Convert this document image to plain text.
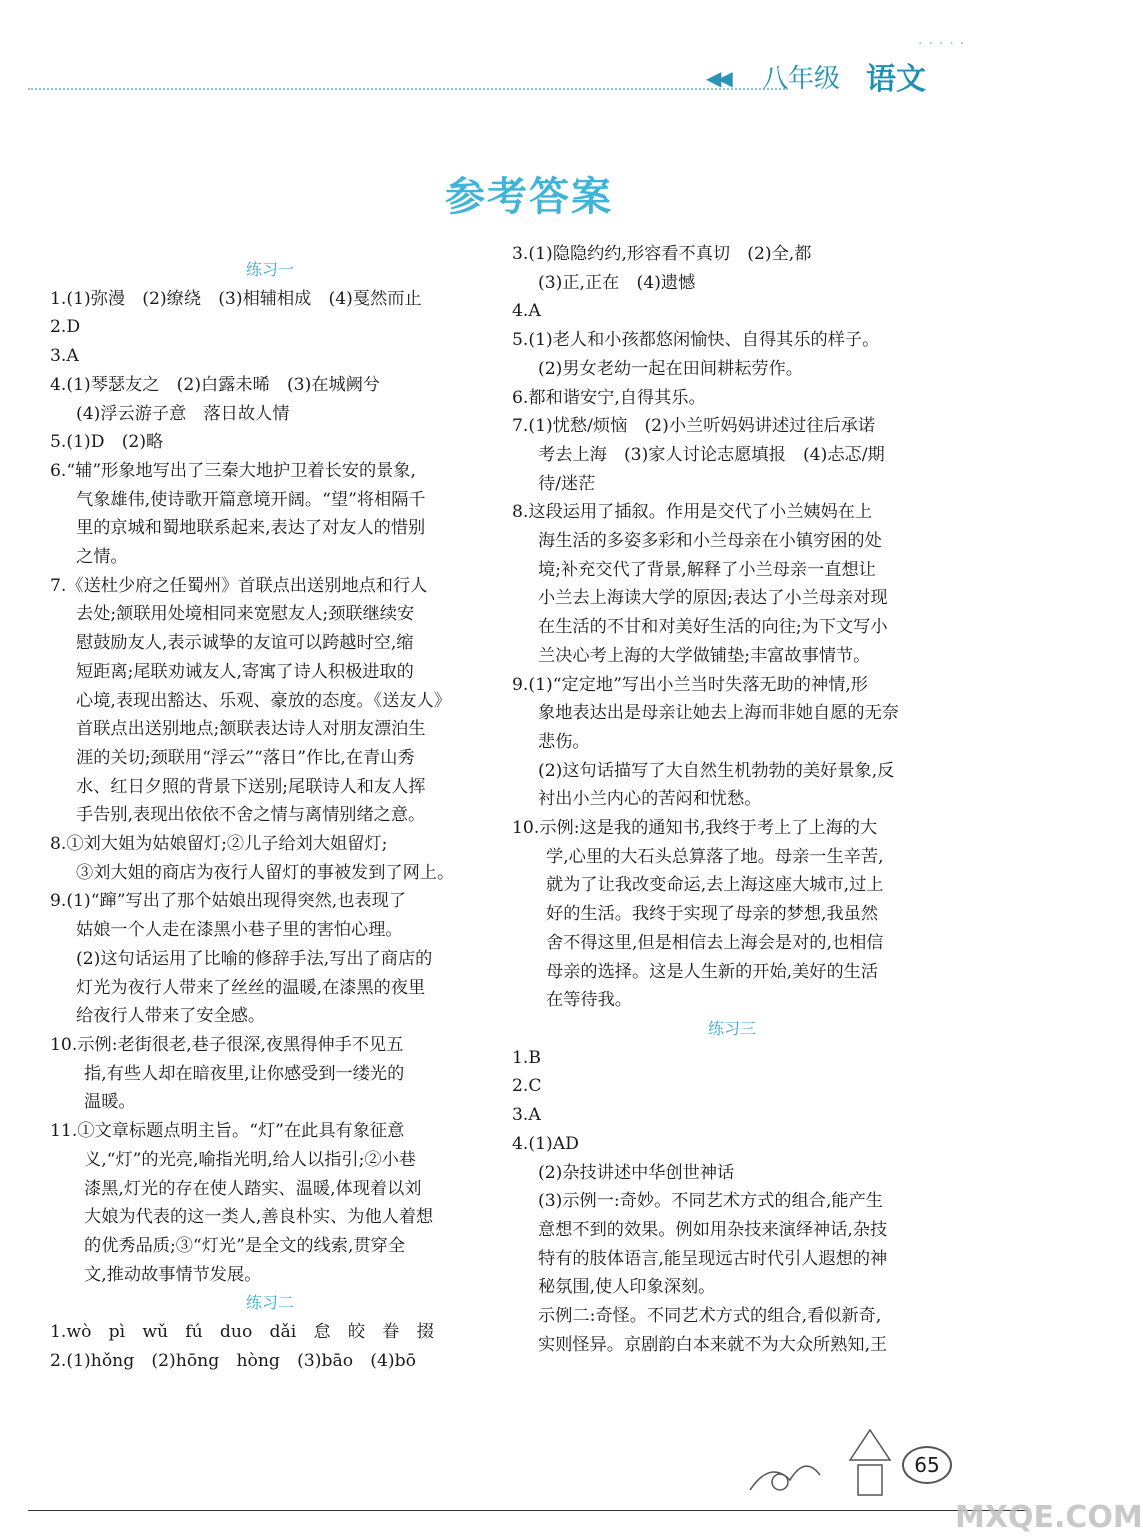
◀◀ 八年级 语文
·····
参考答案
练习一
1.(1)弥漫　(2)缭绕　(3)相辅相成　(4)戛然而止
2.D
3.A
4.(1)琴瑟友之　(2)白露未晞　(3)在城阙兮
(4)浮云游子意　落日故人情
5.(1)D　(2)略
6.“辅”形象地写出了三秦大地护卫着长安的景象,
气象雄伟,使诗歌开篇意境开阔。“望”将相隔千
里的京城和蜀地联系起来,表达了对友人的惜别
之情。
7.《送杜少府之任蜀州》首联点出送别地点和行人
去处;颔联用处境相同来宽慰友人;颈联继续安
慰鼓励友人,表示诚挚的友谊可以跨越时空,缩
短距离;尾联劝诫友人,寄寓了诗人积极进取的
心境,表现出豁达、乐观、豪放的态度。《送友人》
首联点出送别地点;颔联表达诗人对朋友漂泊生
涯的关切;颈联用“浮云”“落日”作比,在青山秀
水、红日夕照的背景下送别;尾联诗人和友人挥
手告别,表现出依依不舍之情与离情别绪之意。
8.①刘大姐为姑娘留灯;②儿子给刘大姐留灯;
③刘大姐的商店为夜行人留灯的事被发到了网上。
9.(1)“蹿”写出了那个姑娘出现得突然,也表现了
姑娘一个人走在漆黑小巷子里的害怕心理。
(2)这句话运用了比喻的修辞手法,写出了商店的
灯光为夜行人带来了丝丝的温暖,在漆黑的夜里
给夜行人带来了安全感。
10.示例:老街很老,巷子很深,夜黑得伸手不见五
指,有些人却在暗夜里,让你感受到一缕光的
温暖。
11.①文章标题点明主旨。“灯”在此具有象征意
义,“灯”的光亮,喻指光明,给人以指引;②小巷
漆黑,灯光的存在使人踏实、温暖,体现着以刘
大娘为代表的这一类人,善良朴实、为他人着想
的优秀品质;③“灯光”是全文的线索,贯穿全
文,推动故事情节发展。
练习二
1.wò　pì　wǔ　fú　duo　dǎi　怠　皎　眷　掇
2.(1)hǒng　(2)hōng　hòng　(3)bāo　(4)bō
3.(1)隐隐约约,形容看不真切　(2)全,都
(3)正,正在　(4)遗憾
4.A
5.(1)老人和小孩都悠闲愉快、自得其乐的样子。
(2)男女老幼一起在田间耕耘劳作。
6.都和谐安宁,自得其乐。
7.(1)忧愁/烦恼　(2)小兰听妈妈讲述过往后承诺
考去上海　(3)家人讨论志愿填报　(4)忐忑/期
待/迷茫
8.这段运用了插叙。作用是交代了小兰姨妈在上
海生活的多姿多彩和小兰母亲在小镇穷困的处
境;补充交代了背景,解释了小兰母亲一直想让
小兰去上海读大学的原因;表达了小兰母亲对现
在生活的不甘和对美好生活的向往;为下文写小
兰决心考上海的大学做铺垫;丰富故事情节。
9.(1)“定定地”写出小兰当时失落无助的神情,形
象地表达出是母亲让她去上海而非她自愿的无奈
悲伤。
(2)这句话描写了大自然生机勃勃的美好景象,反
衬出小兰内心的苦闷和忧愁。
10.示例:这是我的通知书,我终于考上了上海的大
学,心里的大石头总算落了地。母亲一生辛苦,
就为了让我改变命运,去上海这座大城市,过上
好的生活。我终于实现了母亲的梦想,我虽然
舍不得这里,但是相信去上海会是对的,也相信
母亲的选择。这是人生新的开始,美好的生活
在等待我。
练习三
1.B
2.C
3.A
4.(1)AD
(2)杂技讲述中华创世神话
(3)示例一:奇妙。不同艺术方式的组合,能产生
意想不到的效果。例如用杂技来演绎神话,杂技
特有的肢体语言,能呈现远古时代引人遐想的神
秘氛围,使人印象深刻。
示例二:奇怪。不同艺术方式的组合,看似新奇,
实则怪异。京剧韵白本来就不为大众所熟知,王
65
MXQE.COM
